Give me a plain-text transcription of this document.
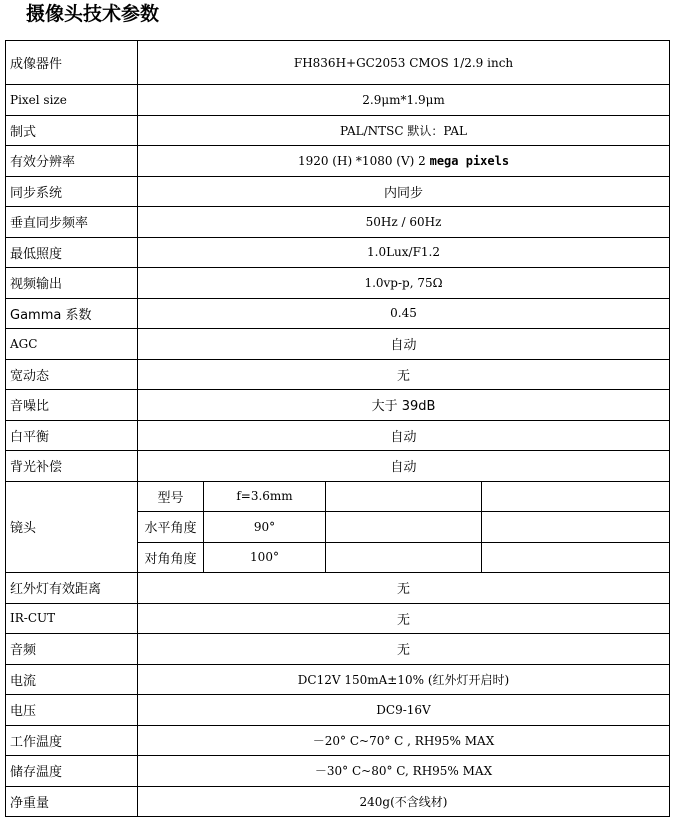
摄像头技术参数
成像器件	FH836H+GC2053 CMOS 1/2.9 inch			
Pixel size	2.9μm*1.9μm			
制式	PAL/NTSC 默认：PAL			
有效分辨率	1920 (H) *1080 (V) 2 mega pixels			
同步系统	内同步			
垂直同步频率	50Hz / 60Hz			
最低照度	1.0Lux/F1.2			
视频输出	1.0vp-p, 75Ω			
Gamma 系数	0.45			
AGC	自动			
宽动态	无			
音噪比	大于 39dB			
白平衡	自动			
背光补偿	自动			
镜头	型号	f=3.6mm		
	水平角度	90°		
	对角角度	100°		
红外灯有效距离	无			
IR-CUT	无			
音频	无			
电流	DC12V 150mA±10% (红外灯开启时)			
电压	DC9-16V			
工作温度	－20° C~70° C , RH95% MAX			
储存温度	－30° C~80° C, RH95% MAX			
净重量	240g(不含线材)			
